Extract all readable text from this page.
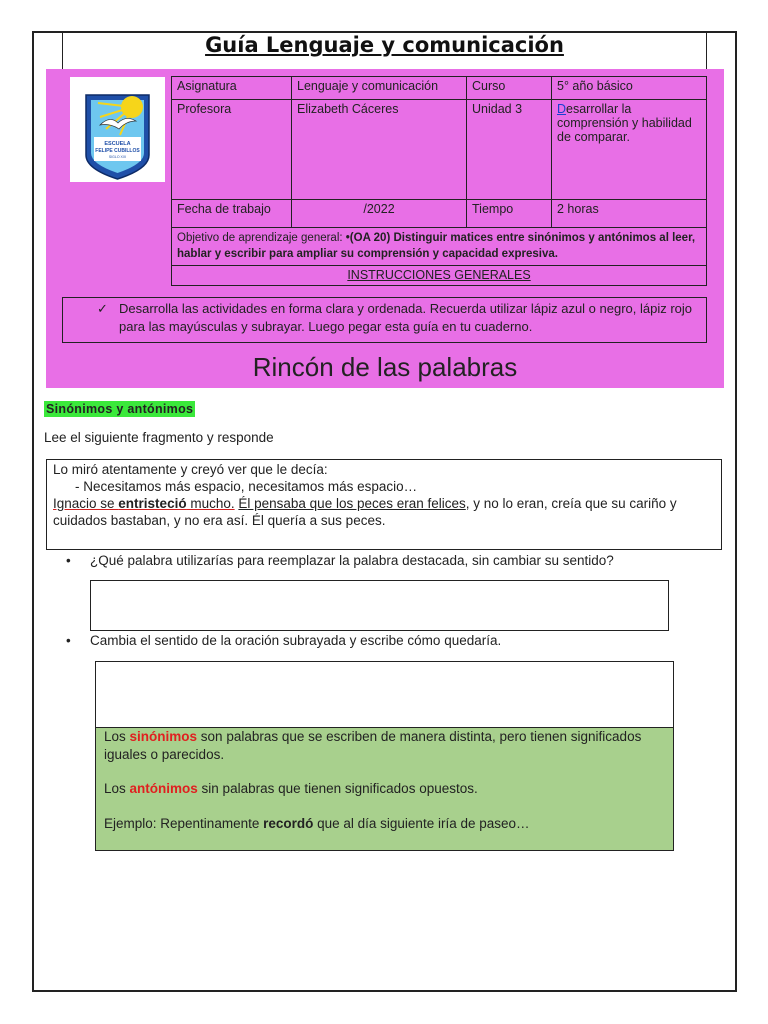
Guía Lenguaje y comunicación
ESCUELA
FELIPE CUBILLOS
SIGLO XXI
Asignatura	Lenguaje y comunicación	Curso	5° año básico
Profesora	Elizabeth Cáceres	Unidad 3	Desarrollar la comprensión y habilidad de comparar.
Fecha de trabajo	/2022	Tiempo	2 horas
Objetivo de aprendizaje general: •(OA 20) Distinguir matices entre sinónimos y antónimos al leer, hablar y escribir para ampliar su comprensión y capacidad expresiva.			
INSTRUCCIONES GENERALES			
✓ Desarrolla las actividades en forma clara y ordenada. Recuerda utilizar lápiz azul o negro, lápiz rojo para las mayúsculas y subrayar. Luego pegar esta guía en tu cuaderno.
Rincón de las palabras
Sinónimos y antónimos
Lee el siguiente fragmento y responde
Lo miró atentamente y creyó ver que le decía:
- Necesitamos más espacio, necesitamos más espacio…
Ignacio se entristeció mucho. Él pensaba que los peces eran felices, y no lo eran, creía que su cariño y cuidados bastaban, y no era así. Él quería a sus peces.
• ¿Qué palabra utilizarías para reemplazar la palabra destacada, sin cambiar su sentido?
• Cambia el sentido de la oración subrayada y escribe cómo quedaría.

Los sinónimos son palabras que se escriben de manera distinta, pero tienen significados iguales o parecidos.

Los antónimos sin palabras que tienen significados opuestos.

Ejemplo: Repentinamente recordó que al día siguiente iría de paseo…
